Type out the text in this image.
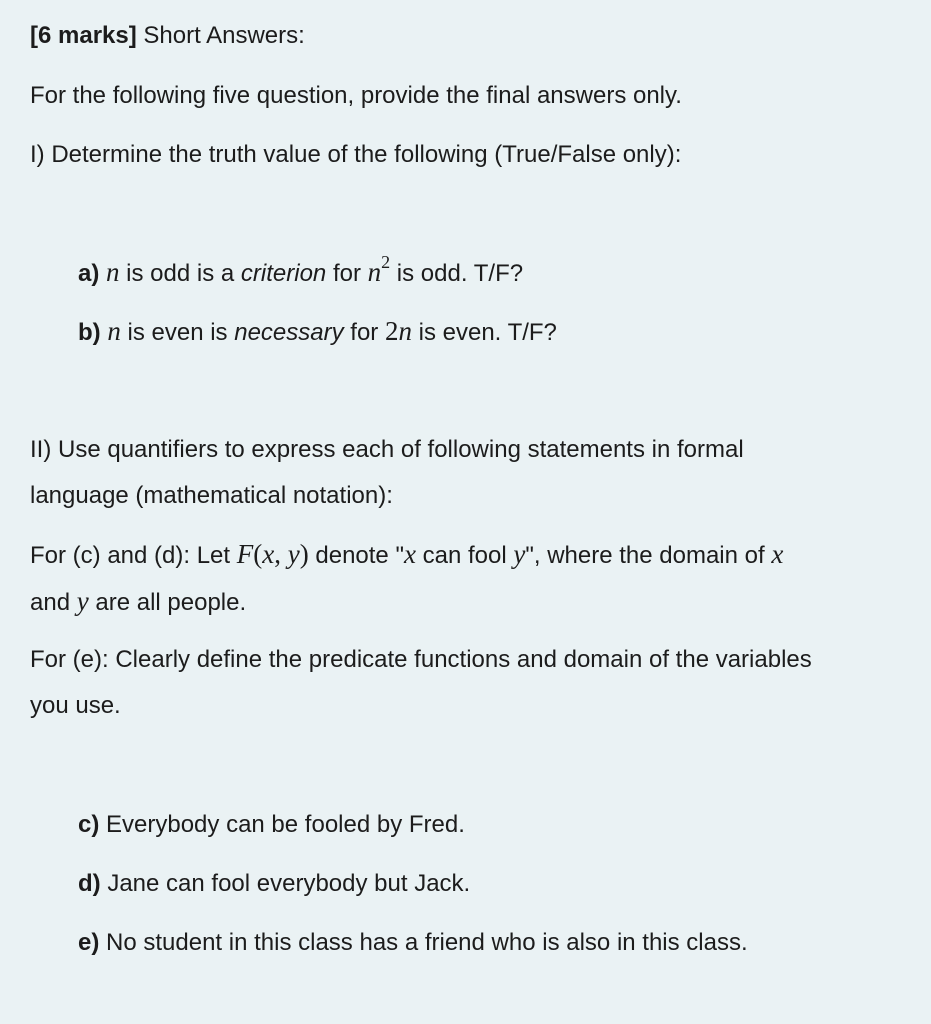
[6 marks] Short Answers:
For the following five question, provide the final answers only.
I) Determine the truth value of the following (True/False only):
a) n is odd is a criterion for $n^2$ is odd. T/F?
b) n is even is necessary for 2n is even. T/F?
II) Use quantifiers to express each of following statements in formal
language (mathematical notation):
For (c) and (d): Let F(x, y) denote "x can fool y", where the domain of x
and y are all people.
For (e): Clearly define the predicate functions and domain of the variables
you use.
c) Everybody can be fooled by Fred.
d) Jane can fool everybody but Jack.
e) No student in this class has a friend who is also in this class.
